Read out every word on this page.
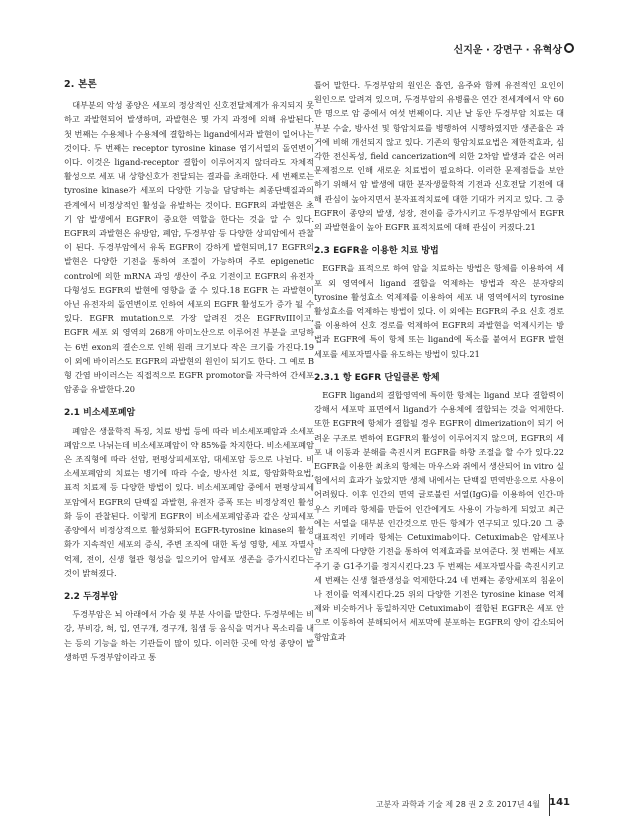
신지운 · 강면구 · 유혁상
2. 본론

대부분의 악성 종양은 세포의 정상적인 신호전달체계가 유지되지 못하고 과발현되어 발생하며, 과발현은 몇 가지 과정에 의해 유발된다. 첫 번째는 수용체나 수용체에 결합하는 ligand에서과 발현이 일어나는 것이다. 두 번째는 receptor tyrosine kinase 염기서열의 돌연변이이다. 이것은 ligand-receptor 결합이 이루어지지 않더라도 자체적 활성으로 세포 내 상향신호가 전달되는 결과를 초래한다. 세 번째로는 tyrosine kinase가 세포의 다양한 기능을 담당하는 최종단백질과의 관계에서 비정상적인 활성을 유발하는 것이다. EGFR의 과발현은 초기 암 발생에서 EGFR이 중요한 역할을 한다는 것을 알 수 있다. EGFR의 과발현은 유방암, 폐암, 두경부암 등 다양한 상피암에서 관찰이 된다. 두경부암에서 유독 EGFR이 강하게 발현되며,17 EGFR의 발현은 다양한 기전을 통하여 조절이 가능하며 주로 epigenetic control에 의한 mRNA 과잉 생산이 주요 기전이고 EGFR의 유전자 다형성도 EGFR의 발현에 영향을 줄 수 있다.18 EGFR 는 과발현이 아닌 유전자의 돌연변이로 인하여 세포의 EGFR 활성도가 증가 될 수 있다. EGFR mutation으로 가장 알려진 것은 EGFRvIII이고, EGFR 세포 외 영역의 268개 아미노산으로 이루어진 부분을 코딩하는 6번 exon의 결손으로 인해 원래 크기보다 작은 크기를 가진다.19 이 외에 바이러스도 EGFR의 과발현의 원인이 되기도 한다. 그 예로 B형 간염 바이러스는 직접적으로 EGFR promotor를 자극하여 간세포 암종을 유발한다.20

2.1 비소세포폐암

폐암은 생물학적 특징, 치료 방법 등에 따라 비소세포폐암과 소세포폐암으로 나뉘는데 비소세포폐암이 약 85%를 차지한다. 비소세포폐암은 조직형에 따라 선암, 편평상피세포암, 대세포암 등으로 나뉜다. 비소세포폐암의 치료는 병기에 따라 수술, 방사선 치료, 항암화학요법, 표적 치료제 등 다양한 방법이 있다. 비소세포폐암 중에서 편평상피세포암에서 EGFR의 단백질 과발현, 유전자 증폭 또는 비정상적인 활성화 등이 관찰된다. 이렇게 EGFR이 비소세포폐암종과 같은 상피세포 종양에서 비정상적으로 활성화되어 EGFR-tyrosine kinase의 활성화가 지속적인 세포의 증식, 주변 조직에 대한 독성 영향, 세포 자멸사 억제, 전이, 신생 혈관 형성을 일으키어 암세포 생존을 증가시킨다는 것이 밝혀졌다.

2.2 두경부암

두경부암은 뇌 아래에서 가슴 윗 부분 사이를 말한다. 두경부에는 비강, 부비강, 혀, 입, 연구개, 경구개, 침샘 등 음식을 먹거나 목소리를 내는 등의 기능을 하는 기관들이 많이 있다. 이러한 곳에 악성 종양이 발생하면 두경부암이라고 통

틀어 말한다. 두경부암의 원인은 흡연, 음주와 함께 유전적인 요인이 원인으로 알려져 있으며, 두경부암의 유병률은 연간 전세계에서 약 60만 명으로 암 중에서 여섯 번째이다. 지난 날 동안 두경부암 치료는 대부분 수술, 방사선 및 항암치료를 병행하여 시행하였지만 생존율은 과거에 비해 개선되지 않고 있다. 기존의 항암치료요법은 제한적효과, 심각한 전신독성, field cancerization에 의한 2차암 발생과 같은 여러 문제점으로 인해 새로운 치료법이 필요하다. 이러한 문제점들을 보안하기 위해서 암 발생에 대한 분자생물학적 기전과 신호전달 기전에 대해 관심이 높아지면서 분자표적치료에 대한 기대가 커지고 있다. 그 중 EGFR이 종양의 발생, 성장, 전이를 증가시키고 두경부암에서 EGFR의 과발현율이 높아 EGFR 표적치료에 대해 관심이 커졌다.21

2.3 EGFR을 이용한 치료 방법

EGFR을 표적으로 하여 암을 치료하는 방법은 항체를 이용하여 세포 외 영역에서 ligand 결합을 억제하는 방법과 작은 분자량의 tyrosine 활성효소 억제제를 이용하여 세포 내 영역에서의 tyrosine 활성효소를 억제하는 방법이 있다. 이 외에는 EGFR의 주요 신호 경로를 이용하여 신호 경로를 억제하여 EGFR의 과발현을 억제시키는 방법과 EGFR에 특이 항체 또는 ligand에 독소를 붙여서 EGFR 발현 세포를 세포자멸사를 유도하는 방법이 있다.21

2.3.1 항 EGFR 단일클론 항체

EGFR ligand의 결합영역에 특이한 항체는 ligand 보다 결합력이 강해서 세포막 표면에서 ligand가 수용체에 결합되는 것을 억제한다. 또한 EGFR에 항체가 결합될 경우 EGFR이 dimerization이 되기 어려운 구조로 변하여 EGFR의 활성이 이루어지지 않으며, EGFR의 세포 내 이동과 분해를 촉진시켜 EGFR를 하향 조절을 할 수가 있다.22 EGFR을 이용한 최초의 항체는 마우스와 쥐에서 생산되어 in vitro 실험에서의 효과가 높았지만 생체 내에서는 단백질 면역반응으로 사용이 어려웠다. 이후 인간의 면역 글로불린 서열(IgG)를 이용하여 인간-마우스 키메라 항체를 만들어 인간에게도 사용이 가능하게 되었고 최근에는 서열을 대부분 인간것으로 만든 항체가 연구되고 있다.20 그 중 대표적인 키메라 항체는 Cetuximab이다. Cetuximab은 암세포나 암 조직에 다양한 기전을 통하여 억제효과를 보여준다. 첫 번째는 세포 주기 중 G1주기를 정지시킨다.23 두 번째는 세포자멸사를 촉진시키고 세 번째는 신생 혈관생성을 억제한다.24 네 번째는 종양세포의 침윤이나 전이를 억제시킨다.25 위의 다양한 기전은 tyrosine kinase 억제제와 비슷하거나 동일하지만 Cetuximab이 결합된 EGFR은 세포 안으로 이동하여 분해되어서 세포막에 분포하는 EGFR의 양이 감소되어 항암효과

고분자 과학과 기술 제 28 권 2 호 2017년 4월 141
